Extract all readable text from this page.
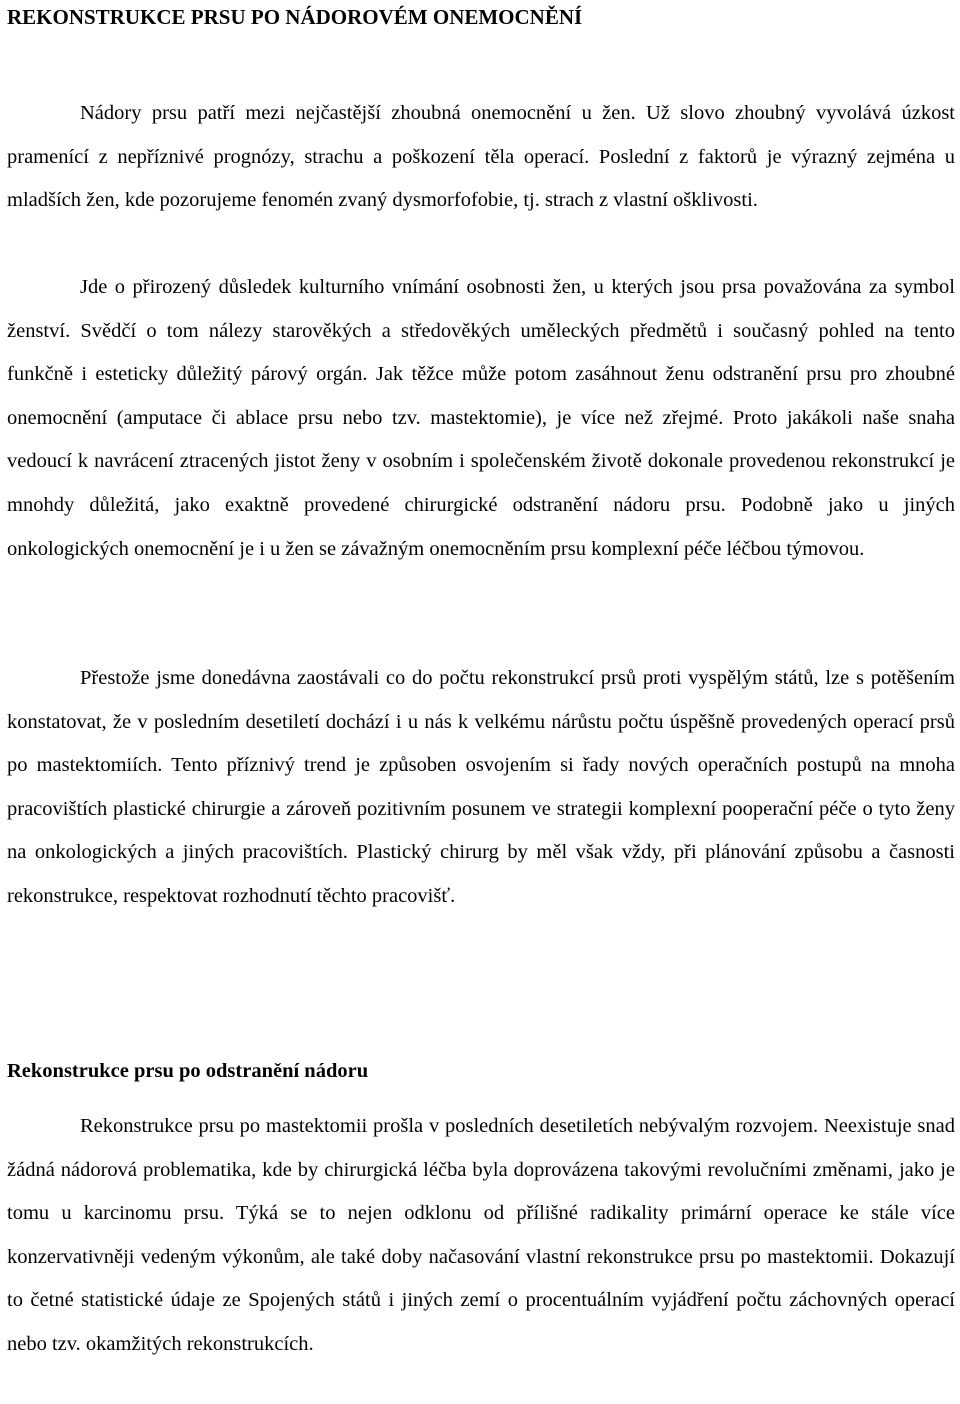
REKONSTRUKCE PRSU PO NÁDOROVÉM ONEMOCNĚNÍ

Nádory prsu patří mezi nejčastější zhoubná onemocnění u žen. Už slovo zhoubný vyvolává úzkost pramenící z nepříznivé prognózy, strachu a poškození těla operací. Poslední z faktorů je výrazný zejména u mladších žen, kde pozorujeme fenomén zvaný dysmorfofobie, tj. strach z vlastní ošklivosti.

Jde o přirozený důsledek kulturního vnímání osobnosti žen, u kterých jsou prsa považována za symbol ženství. Svědčí o tom nálezy starověkých a středověkých uměleckých předmětů i současný pohled na tento funkčně i esteticky důležitý párový orgán. Jak těžce může potom zasáhnout ženu odstranění prsu pro zhoubné onemocnění (amputace či ablace prsu nebo tzv. mastektomie), je více než zřejmé. Proto jakákoli naše snaha vedoucí k navrácení ztracených jistot ženy v osobním i společenském životě dokonale provedenou rekonstrukcí je mnohdy důležitá, jako exaktně provedené chirurgické odstranění nádoru prsu. Podobně jako u jiných onkologických onemocnění je i u žen se závažným onemocněním prsu komplexní péče léčbou týmovou.

Přestože jsme donedávna zaostávali co do počtu rekonstrukcí prsů proti vyspělým států, lze s potěšením konstatovat, že v posledním desetiletí dochází i u nás k velkému nárůstu počtu úspěšně provedených operací prsů po mastektomiích. Tento příznivý trend je způsoben osvojením si řady nových operačních postupů na mnoha pracovištích plastické chirurgie a zároveň pozitivním posunem ve strategii komplexní pooperační péče o tyto ženy na onkologických a jiných pracovištích. Plastický chirurg by měl však vždy, při plánování způsobu a časnosti rekonstrukce, respektovat rozhodnutí těchto pracovišť.

Rekonstrukce prsu po odstranění nádoru

Rekonstrukce prsu po mastektomii prošla v posledních desetiletích nebývalým rozvojem. Neexistuje snad žádná nádorová problematika, kde by chirurgická léčba byla doprovázena takovými revolučními změnami, jako je tomu u karcinomu prsu. Týká se to nejen odklonu od přílišné radikality primární operace ke stále více konzervativněji vedeným výkonům, ale také doby načasování vlastní rekonstrukce prsu po mastektomii. Dokazují to četné statistické údaje ze Spojených států i jiných zemí o procentuálním vyjádření počtu záchovných operací nebo tzv. okamžitých rekonstrukcích.
